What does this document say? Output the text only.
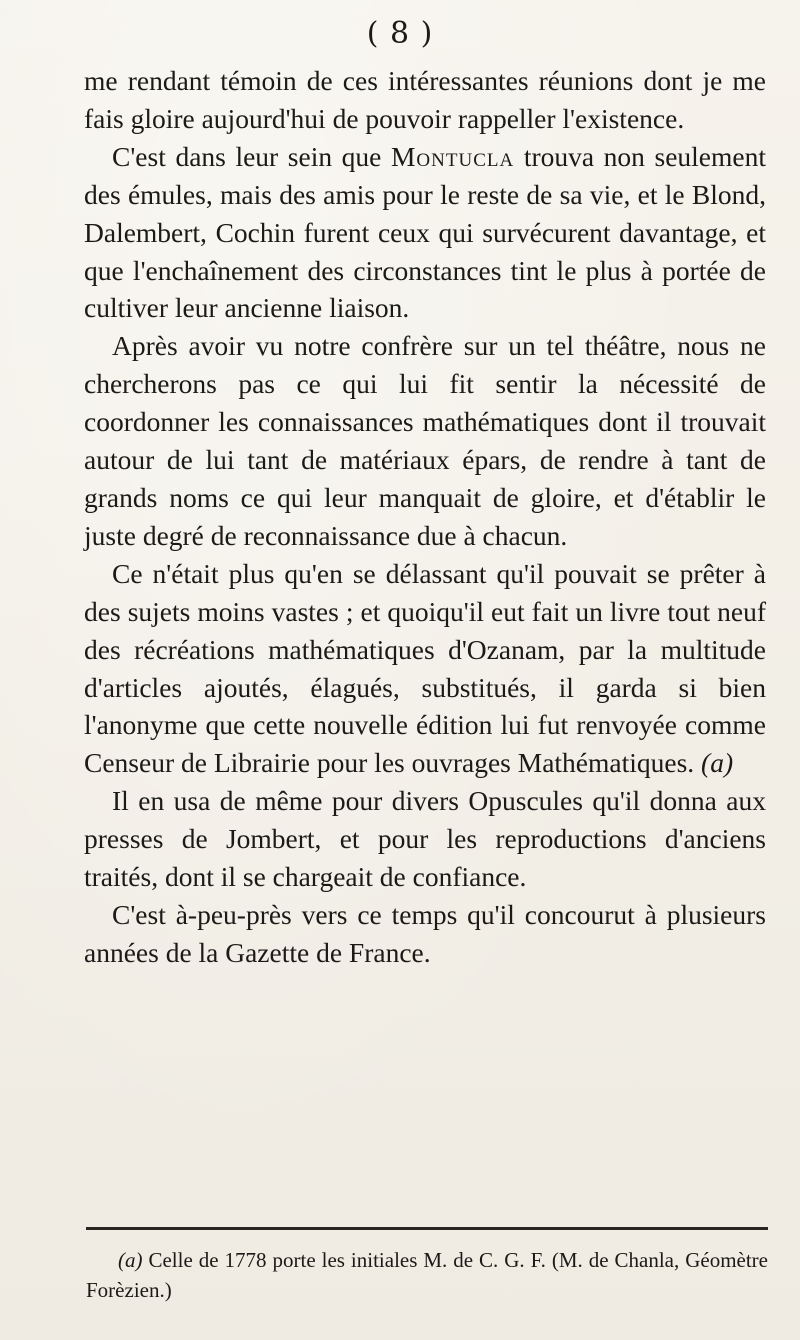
( 8 )

me rendant témoin de ces intéressantes réunions dont je me fais gloire aujourd'hui de pouvoir rappeller l'existence.

C'est dans leur sein que Montucla trouva non seulement des émules, mais des amis pour le reste de sa vie, et le Blond, Dalembert, Cochin furent ceux qui survécurent davantage, et que l'enchaînement des circonstances tint le plus à portée de cultiver leur ancienne liaison.

Après avoir vu notre confrère sur un tel théâtre, nous ne chercherons pas ce qui lui fit sentir la nécessité de coordonner les connaissances mathématiques dont il trouvait autour de lui tant de matériaux épars, de rendre à tant de grands noms ce qui leur manquait de gloire, et d'établir le juste degré de reconnaissance due à chacun.

Ce n'était plus qu'en se délassant qu'il pouvait se prêter à des sujets moins vastes ; et quoiqu'il eut fait un livre tout neuf des récréations mathématiques d'Ozanam, par la multitude d'articles ajoutés, élagués, substitués, il garda si bien l'anonyme que cette nouvelle édition lui fut renvoyée comme Censeur de Librairie pour les ouvrages Mathématiques. (a)

Il en usa de même pour divers Opuscules qu'il donna aux presses de Jombert, et pour les reproductions d'anciens traités, dont il se chargeait de confiance.

C'est à-peu-près vers ce temps qu'il concourut à plusieurs années de la Gazette de France.

(a) Celle de 1778 porte les initiales M. de C. G. F. (M. de Chanla, Géomètre Forèzien.)
